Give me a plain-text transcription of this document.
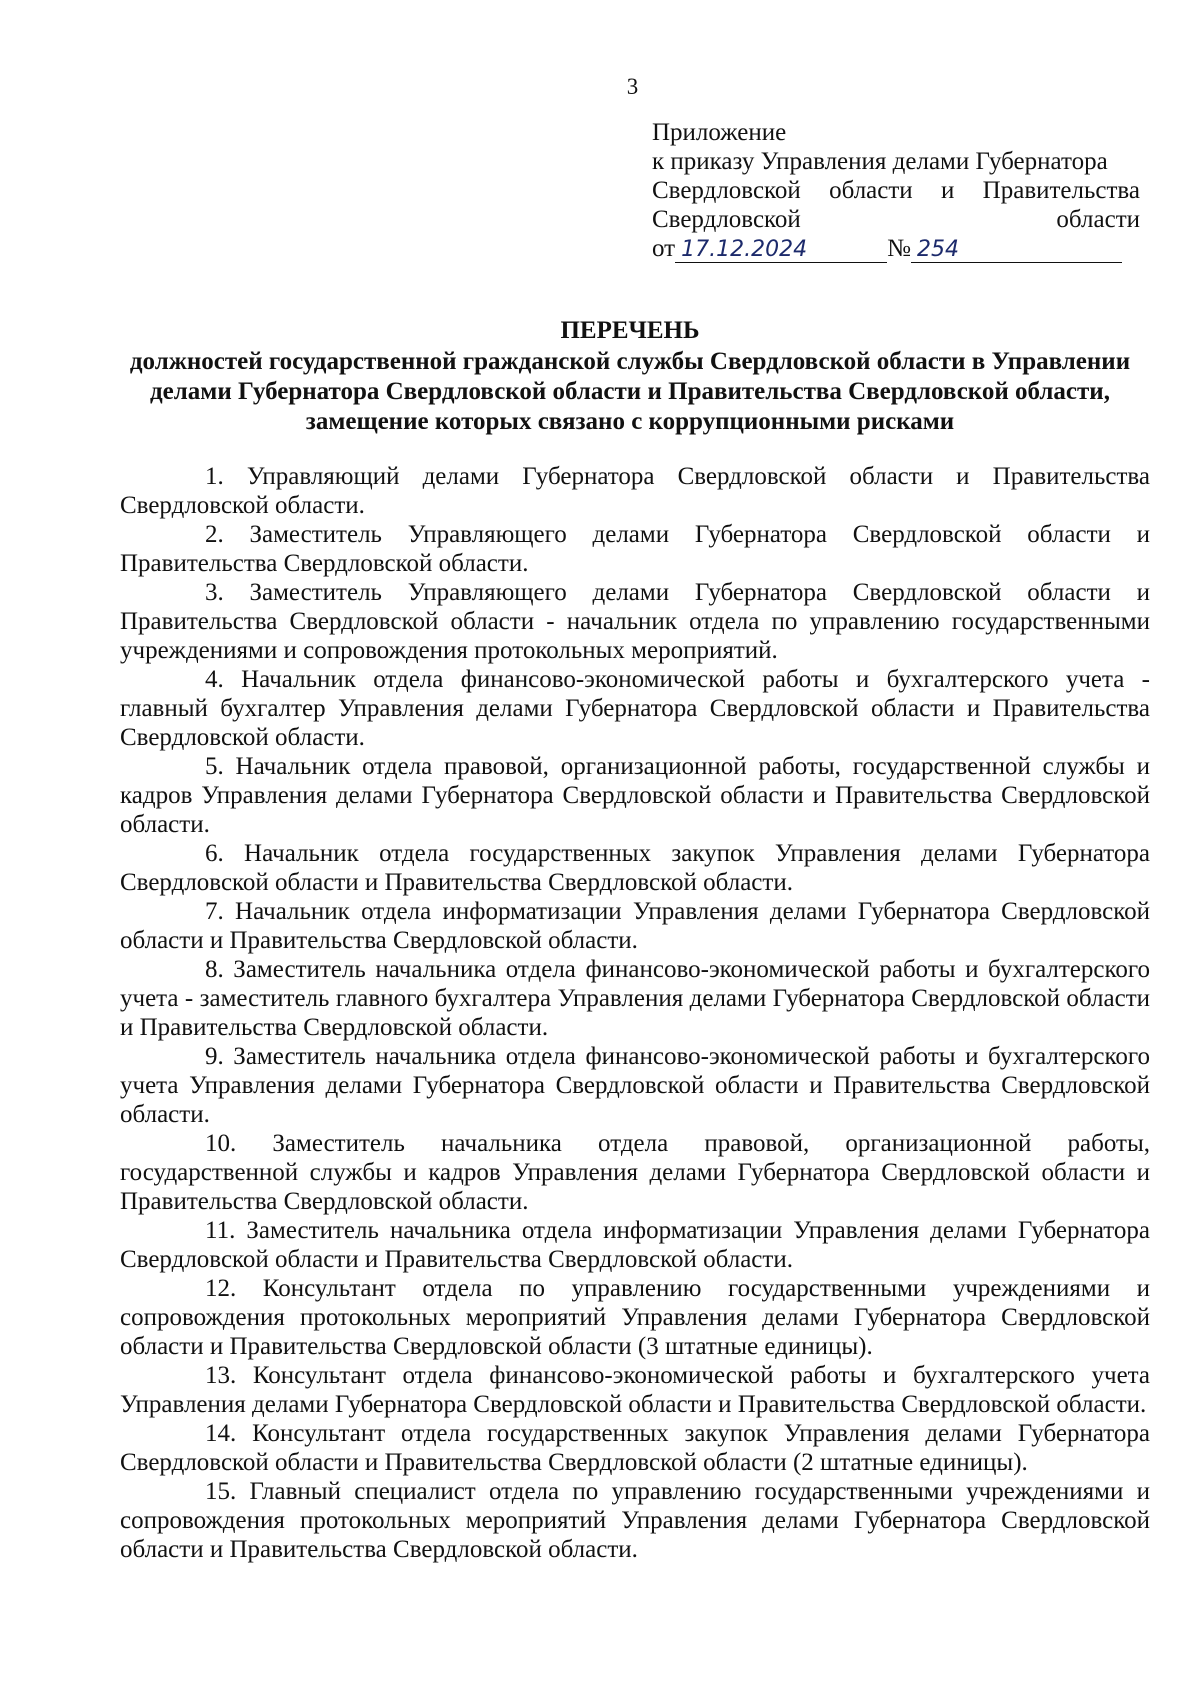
3
Приложение
к приказу Управления делами Губернатора
Свердловской области и Правительства
Свердловской области
от 17.12.2024	№ 254
ПЕРЕЧЕНЬ
должностей государственной гражданской службы Свердловской области в Управлении
делами Губернатора Свердловской области и Правительства Свердловской области,
замещение которых связано с коррупционными рисками

1. Управляющий делами Губернатора Свердловской области и Правительства Свердловской области.

2. Заместитель Управляющего делами Губернатора Свердловской области и Правительства Свердловской области.

3. Заместитель Управляющего делами Губернатора Свердловской области и Правительства Свердловской области - начальник отдела по управлению государственными учреждениями и сопровождения протокольных мероприятий.

4. Начальник отдела финансово-экономической работы и бухгалтерского учета - главный бухгалтер Управления делами Губернатора Свердловской области и Правительства Свердловской области.

5. Начальник отдела правовой, организационной работы, государственной службы и кадров Управления делами Губернатора Свердловской области и Правительства Свердловской области.

6. Начальник отдела государственных закупок Управления делами Губернатора Свердловской области и Правительства Свердловской области.

7. Начальник отдела информатизации Управления делами Губернатора Свердловской области и Правительства Свердловской области.

8. Заместитель начальника отдела финансово-экономической работы и бухгалтерского учета - заместитель главного бухгалтера Управления делами Губернатора Свердловской области и Правительства Свердловской области.

9. Заместитель начальника отдела финансово-экономической работы и бухгалтерского учета Управления делами Губернатора Свердловской области и Правительства Свердловской области.

10. Заместитель начальника отдела правовой, организационной работы, государственной службы и кадров Управления делами Губернатора Свердловской области и Правительства Свердловской области.

11. Заместитель начальника отдела информатизации Управления делами Губернатора Свердловской области и Правительства Свердловской области.

12. Консультант отдела по управлению государственными учреждениями и сопровождения протокольных мероприятий Управления делами Губернатора Свердловской области и Правительства Свердловской области (3 штатные единицы).

13. Консультант отдела финансово-экономической работы и бухгалтерского учета Управления делами Губернатора Свердловской области и Правительства Свердловской области.

14. Консультант отдела государственных закупок Управления делами Губернатора Свердловской области и Правительства Свердловской области (2 штатные единицы).

15. Главный специалист отдела по управлению государственными учреждениями и сопровождения протокольных мероприятий Управления делами Губернатора Свердловской области и Правительства Свердловской области.
